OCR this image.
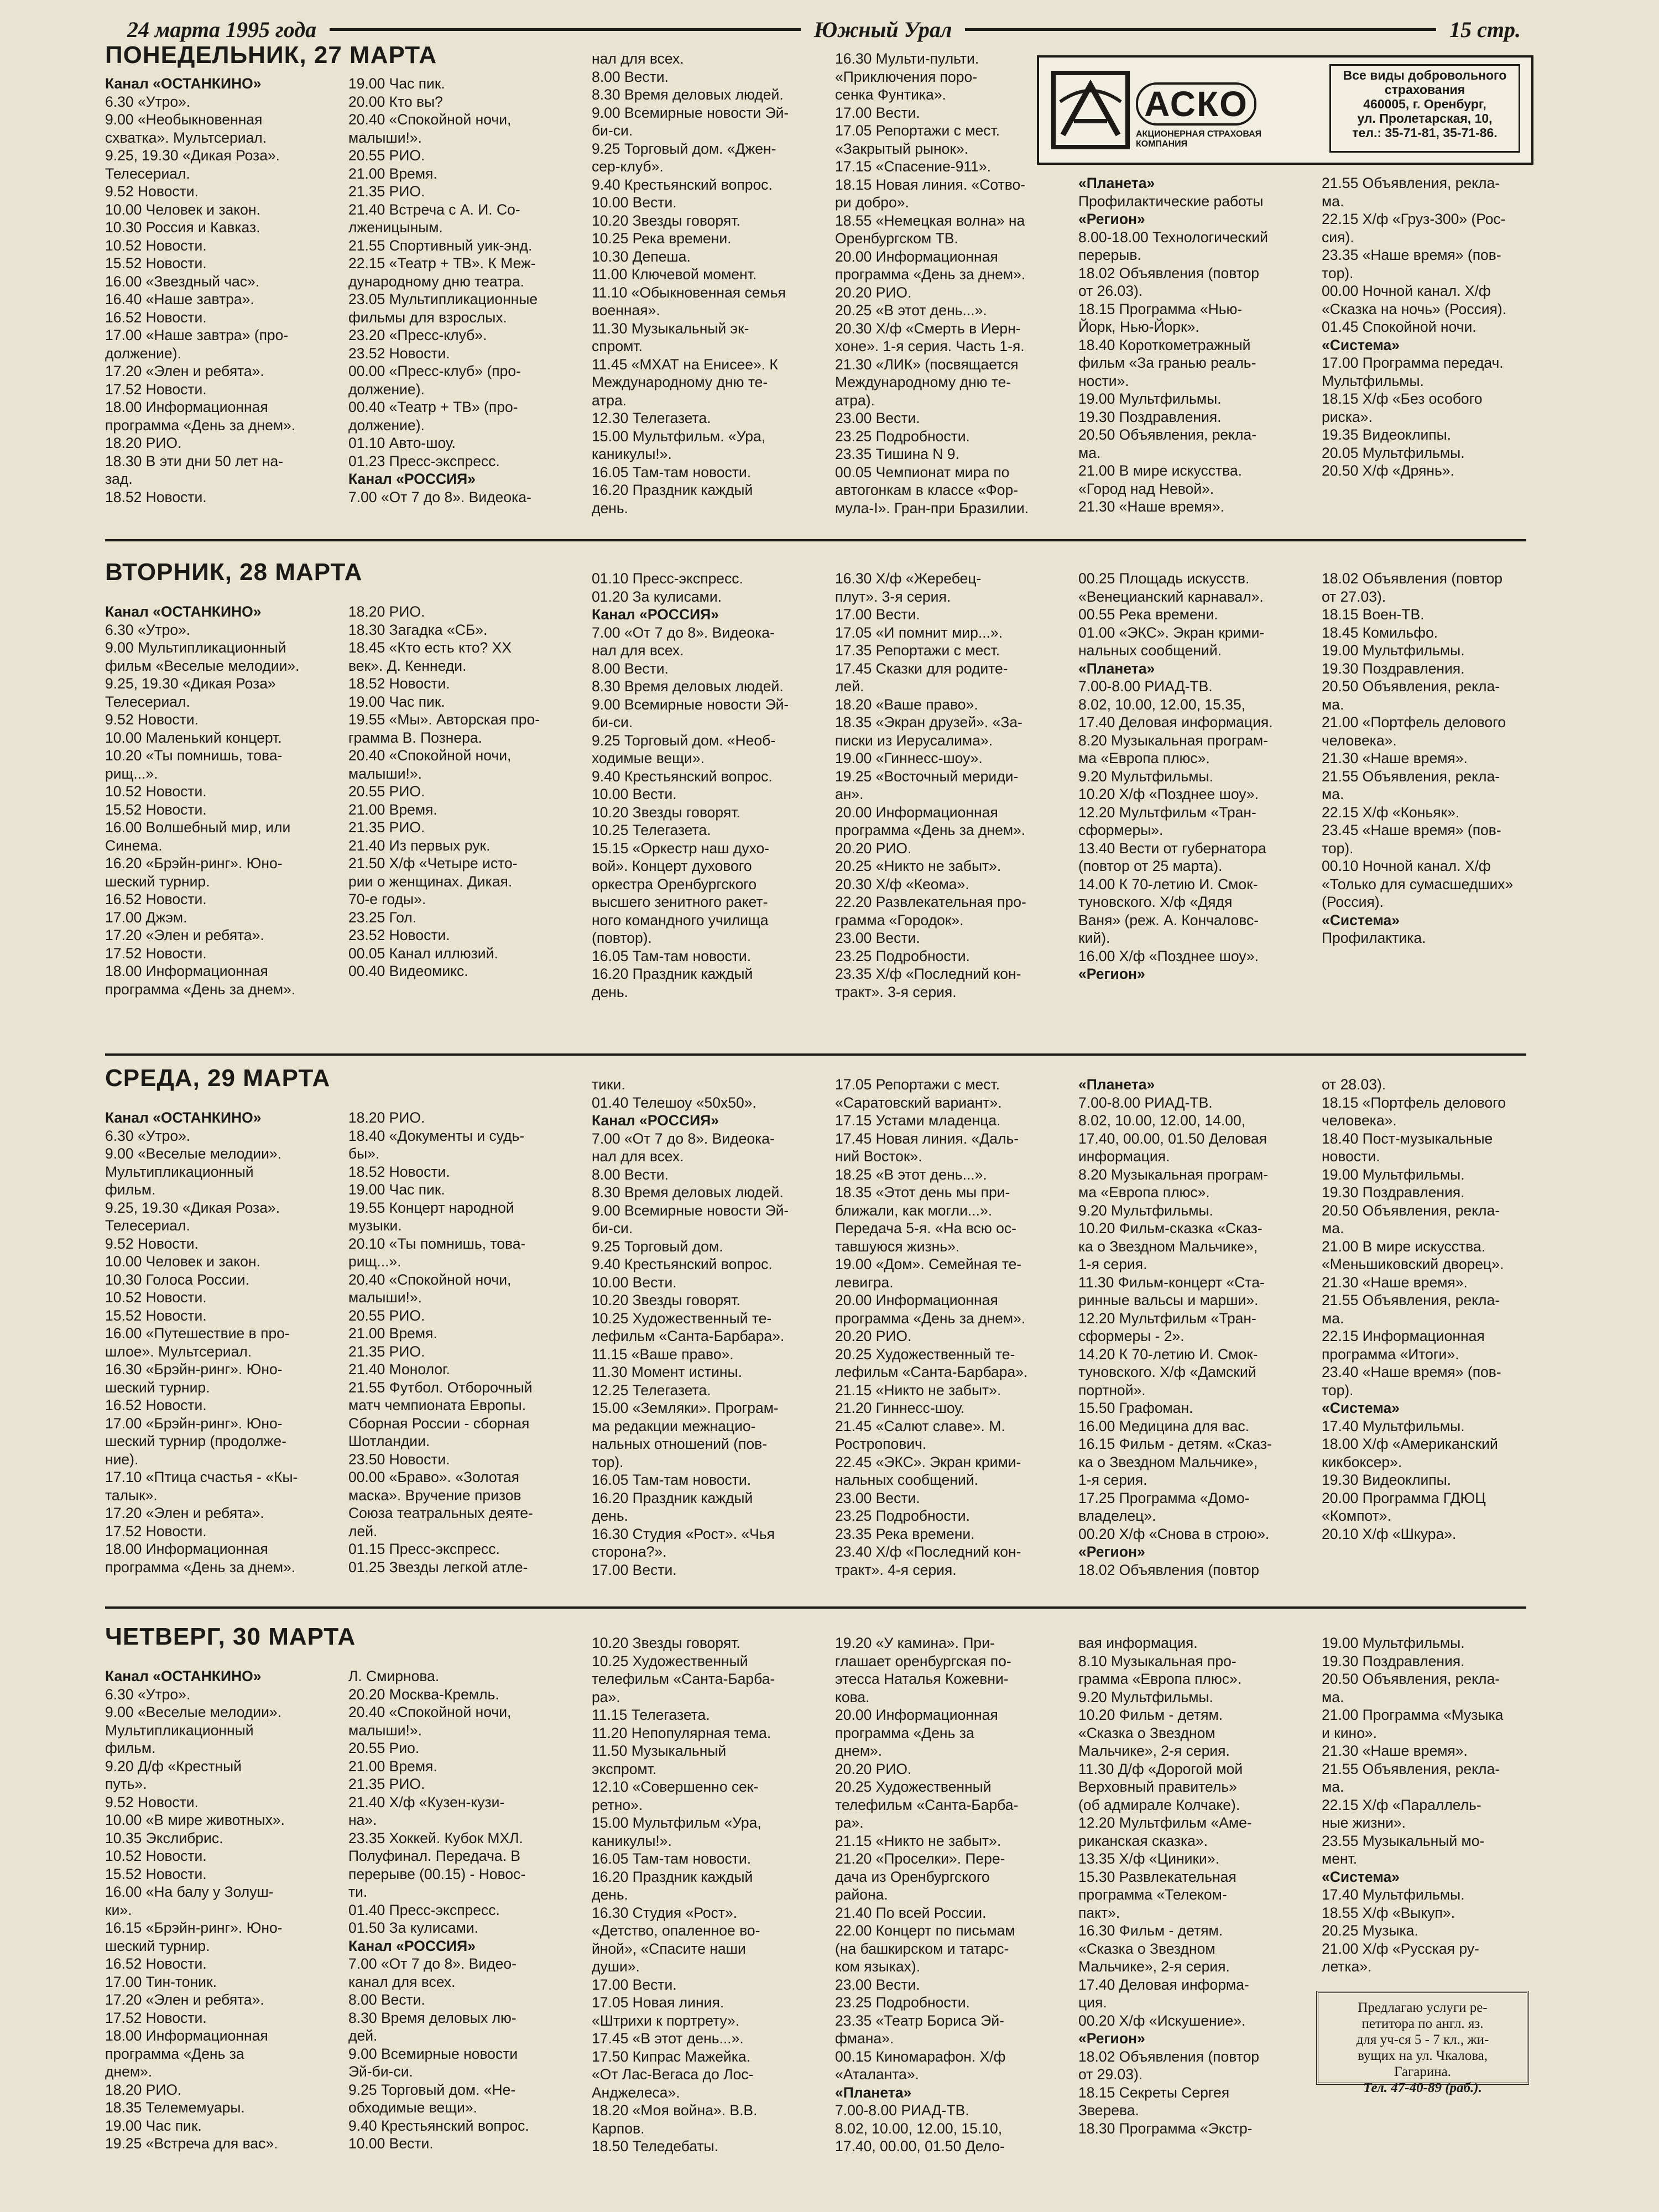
24 марта 1995 года	Южный Урал	15 стр.
ПОНЕДЕЛЬНИК, 27 МАРТА
Канал «ОСТАНКИНО»
6.30 «Утро».
9.00 «Необыкновенная
схватка». Мультсериал.
9.25, 19.30 «Дикая Роза».
Телесериал.
9.52 Новости.
10.00 Человек и закон.
10.30 Россия и Кавказ.
10.52 Новости.
15.52 Новости.
16.00 «Звездный час».
16.40 «Наше завтра».
16.52 Новости.
17.00 «Наше завтра» (про-
должение).
17.20 «Элен и ребята».
17.52 Новости.
18.00 Информационная
программа «День за днем».
18.20 РИО.
18.30 В эти дни 50 лет на-
зад.
18.52 Новости.
19.00 Час пик.
20.00 Кто вы?
20.40 «Спокойной ночи,
малыши!».
20.55 РИО.
21.00 Время.
21.35 РИО.
21.40 Встреча с А. И. Со-
лженицыным.
21.55 Спортивный уик-энд.
22.15 «Театр + ТВ». К Меж-
дународному дню театра.
23.05 Мультипликационные
фильмы для взрослых.
23.20 «Пресс-клуб».
23.52 Новости.
00.00 «Пресс-клуб» (про-
должение).
00.40 «Театр + ТВ» (про-
должение).
01.10 Авто-шоу.
01.23 Пресс-экспресс.
Канал «РОССИЯ»
7.00 «От 7 до 8». Видеока-
нал для всех.
8.00 Вести.
8.30 Время деловых людей.
9.00 Всемирные новости Эй-
би-си.
9.25 Торговый дом. «Джен-
сер-клуб».
9.40 Крестьянский вопрос.
10.00 Вести.
10.20 Звезды говорят.
10.25 Река времени.
10.30 Депеша.
11.00 Ключевой момент.
11.10 «Обыкновенная семья
военная».
11.30 Музыкальный эк-
спромт.
11.45 «МХАТ на Енисее». К
Международному дню те-
атра.
12.30 Телегазета.
15.00 Мультфильм. «Ура,
каникулы!».
16.05 Там-там новости.
16.20 Праздник каждый
день.
16.30 Мульти-пульти.
«Приключения поро-
сенка Фунтика».
17.00 Вести.
17.05 Репортажи с мест.
«Закрытый рынок».
17.15 «Спасение-911».
18.15 Новая линия. «Сотво-
ри добро».
18.55 «Немецкая волна» на
Оренбургском ТВ.
20.00 Информационная
программа «День за днем».
20.20 РИО.
20.25 «В этот день...».
20.30 Х/ф «Смерть в Иерн-
хоне». 1-я серия. Часть 1-я.
21.30 «ЛИК» (посвящается
Международному дню те-
атра).
23.00 Вести.
23.25 Подробности.
23.35 Тишина N 9.
00.05 Чемпионат мира по
автогонкам в классе «Фор-
мула-I». Гран-при Бразилии.
«Планета»
Профилактические работы
«Регион»
8.00-18.00 Технологический
перерыв.
18.02 Объявления (повтор
от 26.03).
18.15 Программа «Нью-
Йорк, Нью-Йорк».
18.40 Короткометражный
фильм «За гранью реаль-
ности».
19.00 Мультфильмы.
19.30 Поздравления.
20.50 Объявления, рекла-
ма.
21.00 В мире искусства.
«Город над Невой».
21.30 «Наше время».
21.55 Объявления, рекла-
ма.
22.15 Х/ф «Груз-300» (Рос-
сия).
23.35 «Наше время» (пов-
тор).
00.00 Ночной канал. Х/ф
«Сказка на ночь» (Россия).
01.45 Спокойной ночи.
«Система»
17.00 Программа передач.
Мультфильмы.
18.15 Х/ф «Без особого
риска».
19.35 Видеоклипы.
20.05 Мультфильмы.
20.50 Х/ф «Дрянь».
ВТОРНИК, 28 МАРТА
Канал «ОСТАНКИНО»
6.30 «Утро».
9.00 Мультипликационный
фильм «Веселые мелодии».
9.25, 19.30 «Дикая Роза»
Телесериал.
9.52 Новости.
10.00 Маленький концерт.
10.20 «Ты помнишь, това-
рищ...».
10.52 Новости.
15.52 Новости.
16.00 Волшебный мир, или
Синема.
16.20 «Брэйн-ринг». Юно-
шеский турнир.
16.52 Новости.
17.00 Джэм.
17.20 «Элен и ребята».
17.52 Новости.
18.00 Информационная
программа «День за днем».
18.20 РИО.
18.30 Загадка «СБ».
18.45 «Кто есть кто? XX
век». Д. Кеннеди.
18.52 Новости.
19.00 Час пик.
19.55 «Мы». Авторская про-
грамма В. Познера.
20.40 «Спокойной ночи,
малыши!».
20.55 РИО.
21.00 Время.
21.35 РИО.
21.40 Из первых рук.
21.50 Х/ф «Четыре исто-
рии о женщинах. Дикая.
70-е годы».
23.25 Гол.
23.52 Новости.
00.05 Канал иллюзий.
00.40 Видеомикс.
01.10 Пресс-экспресс.
01.20 За кулисами.
Канал «РОССИЯ»
7.00 «От 7 до 8». Видеока-
нал для всех.
8.00 Вести.
8.30 Время деловых людей.
9.00 Всемирные новости Эй-
би-си.
9.25 Торговый дом. «Необ-
ходимые вещи».
9.40 Крестьянский вопрос.
10.00 Вести.
10.20 Звезды говорят.
10.25 Телегазета.
15.15 «Оркестр наш духо-
вой». Концерт духового
оркестра Оренбургского
высшего зенитного ракет-
ного командного училища
(повтор).
16.05 Там-там новости.
16.20 Праздник каждый
день.
16.30 Х/ф «Жеребец-
плут». 3-я серия.
17.00 Вести.
17.05 «И помнит мир...».
17.35 Репортажи с мест.
17.45 Сказки для родите-
лей.
18.20 «Ваше право».
18.35 «Экран друзей». «За-
писки из Иерусалима».
19.00 «Гиннесс-шоу».
19.25 «Восточный мериди-
ан».
20.00 Информационная
программа «День за днем».
20.20 РИО.
20.25 «Никто не забыт».
20.30 Х/ф «Кеома».
22.20 Развлекательная про-
грамма «Городок».
23.00 Вести.
23.25 Подробности.
23.35 Х/ф «Последний кон-
тракт». 3-я серия.
00.25 Площадь искусств.
«Венецианский карнавал».
00.55 Река времени.
01.00 «ЭКС». Экран крими-
нальных сообщений.
«Планета»
7.00-8.00 РИАД-ТВ.
8.02, 10.00, 12.00, 15.35,
17.40 Деловая информация.
8.20 Музыкальная програм-
ма «Европа плюс».
9.20 Мультфильмы.
10.20 Х/ф «Позднее шоу».
12.20 Мультфильм «Тран-
сформеры».
13.40 Вести от губернатора
(повтор от 25 марта).
14.00 К 70-летию И. Смок-
туновского. Х/ф «Дядя
Ваня» (реж. А. Кончаловс-
кий).
16.00 Х/ф «Позднее шоу».
«Регион»
18.02 Объявления (повтор
от 27.03).
18.15 Воен-ТВ.
18.45 Комильфо.
19.00 Мультфильмы.
19.30 Поздравления.
20.50 Объявления, рекла-
ма.
21.00 «Портфель делового
человека».
21.30 «Наше время».
21.55 Объявления, рекла-
ма.
22.15 Х/ф «Коньяк».
23.45 «Наше время» (пов-
тор).
00.10 Ночной канал. Х/ф
«Только для сумасшедших»
(Россия).
«Система»
Профилактика.
СРЕДА, 29 МАРТА
Канал «ОСТАНКИНО»
6.30 «Утро».
9.00 «Веселые мелодии».
Мультипликационный
фильм.
9.25, 19.30 «Дикая Роза».
Телесериал.
9.52 Новости.
10.00 Человек и закон.
10.30 Голоса России.
10.52 Новости.
15.52 Новости.
16.00 «Путешествие в про-
шлое». Мультсериал.
16.30 «Брэйн-ринг». Юно-
шеский турнир.
16.52 Новости.
17.00 «Брэйн-ринг». Юно-
шеский турнир (продолже-
ние).
17.10 «Птица счастья - «Кы-
талык».
17.20 «Элен и ребята».
17.52 Новости.
18.00 Информационная
программа «День за днем».
18.20 РИО.
18.40 «Документы и судь-
бы».
18.52 Новости.
19.00 Час пик.
19.55 Концерт народной
музыки.
20.10 «Ты помнишь, това-
рищ...».
20.40 «Спокойной ночи,
малыши!».
20.55 РИО.
21.00 Время.
21.35 РИО.
21.40 Монолог.
21.55 Футбол. Отборочный
матч чемпионата Европы.
Сборная России - сборная
Шотландии.
23.50 Новости.
00.00 «Браво». «Золотая
маска». Вручение призов
Союза театральных деяте-
лей.
01.15 Пресс-экспресс.
01.25 Звезды легкой атле-
тики.
01.40 Телешоу «50х50».
Канал «РОССИЯ»
7.00 «От 7 до 8». Видеока-
нал для всех.
8.00 Вести.
8.30 Время деловых людей.
9.00 Всемирные новости Эй-
би-си.
9.25 Торговый дом.
9.40 Крестьянский вопрос.
10.00 Вести.
10.20 Звезды говорят.
10.25 Художественный те-
лефильм «Санта-Барбара».
11.15 «Ваше право».
11.30 Момент истины.
12.25 Телегазета.
15.00 «Земляки». Програм-
ма редакции межнацио-
нальных отношений (пов-
тор).
16.05 Там-там новости.
16.20 Праздник каждый
день.
16.30 Студия «Рост». «Чья
сторона?».
17.00 Вести.
17.05 Репортажи с мест.
«Саратовский вариант».
17.15 Устами младенца.
17.45 Новая линия. «Даль-
ний Восток».
18.25 «В этот день...».
18.35 «Этот день мы при-
ближали, как могли...».
Передача 5-я. «На всю ос-
тавшуюся жизнь».
19.00 «Дом». Семейная те-
левигра.
20.00 Информационная
программа «День за днем».
20.20 РИО.
20.25 Художественный те-
лефильм «Санта-Барбара».
21.15 «Никто не забыт».
21.20 Гиннесс-шоу.
21.45 «Салют славе». М.
Ростропович.
22.45 «ЭКС». Экран крими-
нальных сообщений.
23.00 Вести.
23.25 Подробности.
23.35 Река времени.
23.40 Х/ф «Последний кон-
тракт». 4-я серия.
«Планета»
7.00-8.00 РИАД-ТВ.
8.02, 10.00, 12.00, 14.00,
17.40, 00.00, 01.50 Деловая
информация.
8.20 Музыкальная програм-
ма «Европа плюс».
9.20 Мультфильмы.
10.20 Фильм-сказка «Сказ-
ка о Звездном Мальчике»,
1-я серия.
11.30 Фильм-концерт «Ста-
ринные вальсы и марши».
12.20 Мультфильм «Тран-
сформеры - 2».
14.20 К 70-летию И. Смок-
туновского. Х/ф «Дамский
портной».
15.50 Графоман.
16.00 Медицина для вас.
16.15 Фильм - детям. «Сказ-
ка о Звездном Мальчике»,
1-я серия.
17.25 Программа «Домо-
владелец».
00.20 Х/ф «Снова в строю».
«Регион»
18.02 Объявления (повтор
от 28.03).
18.15 «Портфель делового
человека».
18.40 Пост-музыкальные
новости.
19.00 Мультфильмы.
19.30 Поздравления.
20.50 Объявления, рекла-
ма.
21.00 В мире искусства.
«Меньшиковский дворец».
21.30 «Наше время».
21.55 Объявления, рекла-
ма.
22.15 Информационная
программа «Итоги».
23.40 «Наше время» (пов-
тор).
«Система»
17.40 Мультфильмы.
18.00 Х/ф «Американский
кикбоксер».
19.30 Видеоклипы.
20.00 Программа ГДЮЦ
«Компот».
20.10 Х/ф «Шкура».
ЧЕТВЕРГ, 30 МАРТА
Канал «ОСТАНКИНО»
6.30 «Утро».
9.00 «Веселые мелодии».
Мультипликационный
фильм.
9.20 Д/ф «Крестный
путь».
9.52 Новости.
10.00 «В мире животных».
10.35 Экслибрис.
10.52 Новости.
15.52 Новости.
16.00 «На балу у Золуш-
ки».
16.15 «Брэйн-ринг». Юно-
шеский турнир.
16.52 Новости.
17.00 Тин-тоник.
17.20 «Элен и ребята».
17.52 Новости.
18.00 Информационная
программа «День за
днем».
18.20 РИО.
18.35 Телемемуары.
19.00 Час пик.
19.25 «Встреча для вас».
Л. Смирнова.
20.20 Москва-Кремль.
20.40 «Спокойной ночи,
малыши!».
20.55 Рио.
21.00 Время.
21.35 РИО.
21.40 Х/ф «Кузен-кузи-
на».
23.35 Хоккей. Кубок МХЛ.
Полуфинал. Передача. В
перерыве (00.15) - Новос-
ти.
01.40 Пресс-экспресс.
01.50 За кулисами.
Канал «РОССИЯ»
7.00 «От 7 до 8». Видео-
канал для всех.
8.00 Вести.
8.30 Время деловых лю-
дей.
9.00 Всемирные новости
Эй-би-си.
9.25 Торговый дом. «Не-
обходимые вещи».
9.40 Крестьянский вопрос.
10.00 Вести.
10.20 Звезды говорят.
10.25 Художественный
телефильм «Санта-Барба-
ра».
11.15 Телегазета.
11.20 Непопулярная тема.
11.50 Музыкальный
экспромт.
12.10 «Совершенно сек-
ретно».
15.00 Мультфильм «Ура,
каникулы!».
16.05 Там-там новости.
16.20 Праздник каждый
день.
16.30 Студия «Рост».
«Детство, опаленное во-
йной», «Спасите наши
души».
17.00 Вести.
17.05 Новая линия.
«Штрихи к портрету».
17.45 «В этот день...».
17.50 Кипрас Мажейка.
«От Лас-Вегаса до Лос-
Анджелеса».
18.20 «Моя война». В.В.
Карпов.
18.50 Теледебаты.
19.20 «У камина». При-
глашает оренбургская по-
этесса Наталья Кожевни-
кова.
20.00 Информационная
программа «День за
днем».
20.20 РИО.
20.25 Художественный
телефильм «Санта-Барба-
ра».
21.15 «Никто не забыт».
21.20 «Проселки». Пере-
дача из Оренбургского
района.
21.40 По всей России.
22.00 Концерт по письмам
(на башкирском и татарс-
ком языках).
23.00 Вести.
23.25 Подробности.
23.35 «Театр Бориса Эй-
фмана».
00.15 Киномарафон. Х/ф
«Аталанта».
«Планета»
7.00-8.00 РИАД-ТВ.
8.02, 10.00, 12.00, 15.10,
17.40, 00.00, 01.50 Дело-
вая информация.
8.10 Музыкальная про-
грамма «Европа плюс».
9.20 Мультфильмы.
10.20 Фильм - детям.
«Сказка о Звездном
Мальчике», 2-я серия.
11.30 Д/ф «Дорогой мой
Верховный правитель»
(об адмирале Колчаке).
12.20 Мультфильм «Аме-
риканская сказка».
13.35 Х/ф «Циники».
15.30 Развлекательная
программа «Телеком-
пакт».
16.30 Фильм - детям.
«Сказка о Звездном
Мальчике», 2-я серия.
17.40 Деловая информа-
ция.
00.20 Х/ф «Искушение».
«Регион»
18.02 Объявления (повтор
от 29.03).
18.15 Секреты Сергея
Зверева.
18.30 Программа «Экстр-
19.00 Мультфильмы.
19.30 Поздравления.
20.50 Объявления, рекла-
ма.
21.00 Программа «Музыка
и кино».
21.30 «Наше время».
21.55 Объявления, рекла-
ма.
22.15 Х/ф «Параллель-
ные жизни».
23.55 Музыкальный мо-
мент.
«Система»
17.40 Мультфильмы.
18.55 Х/ф «Выкуп».
20.25 Музыка.
21.00 Х/ф «Русская ру-
летка».
АСКО
АКЦИОНЕРНАЯ СТРАХОВАЯ КОМПАНИЯ
Все виды добровольного
страхования
460005, г. Оренбург,
ул. Пролетарская, 10,
тел.: 35-71-81, 35-71-86.
Предлагаю услуги ре-
петитора по англ. яз.
для уч-ся 5 - 7 кл., жи-
вущих на ул. Чкалова,
Гагарина.
Тел. 47-40-89 (раб.).
